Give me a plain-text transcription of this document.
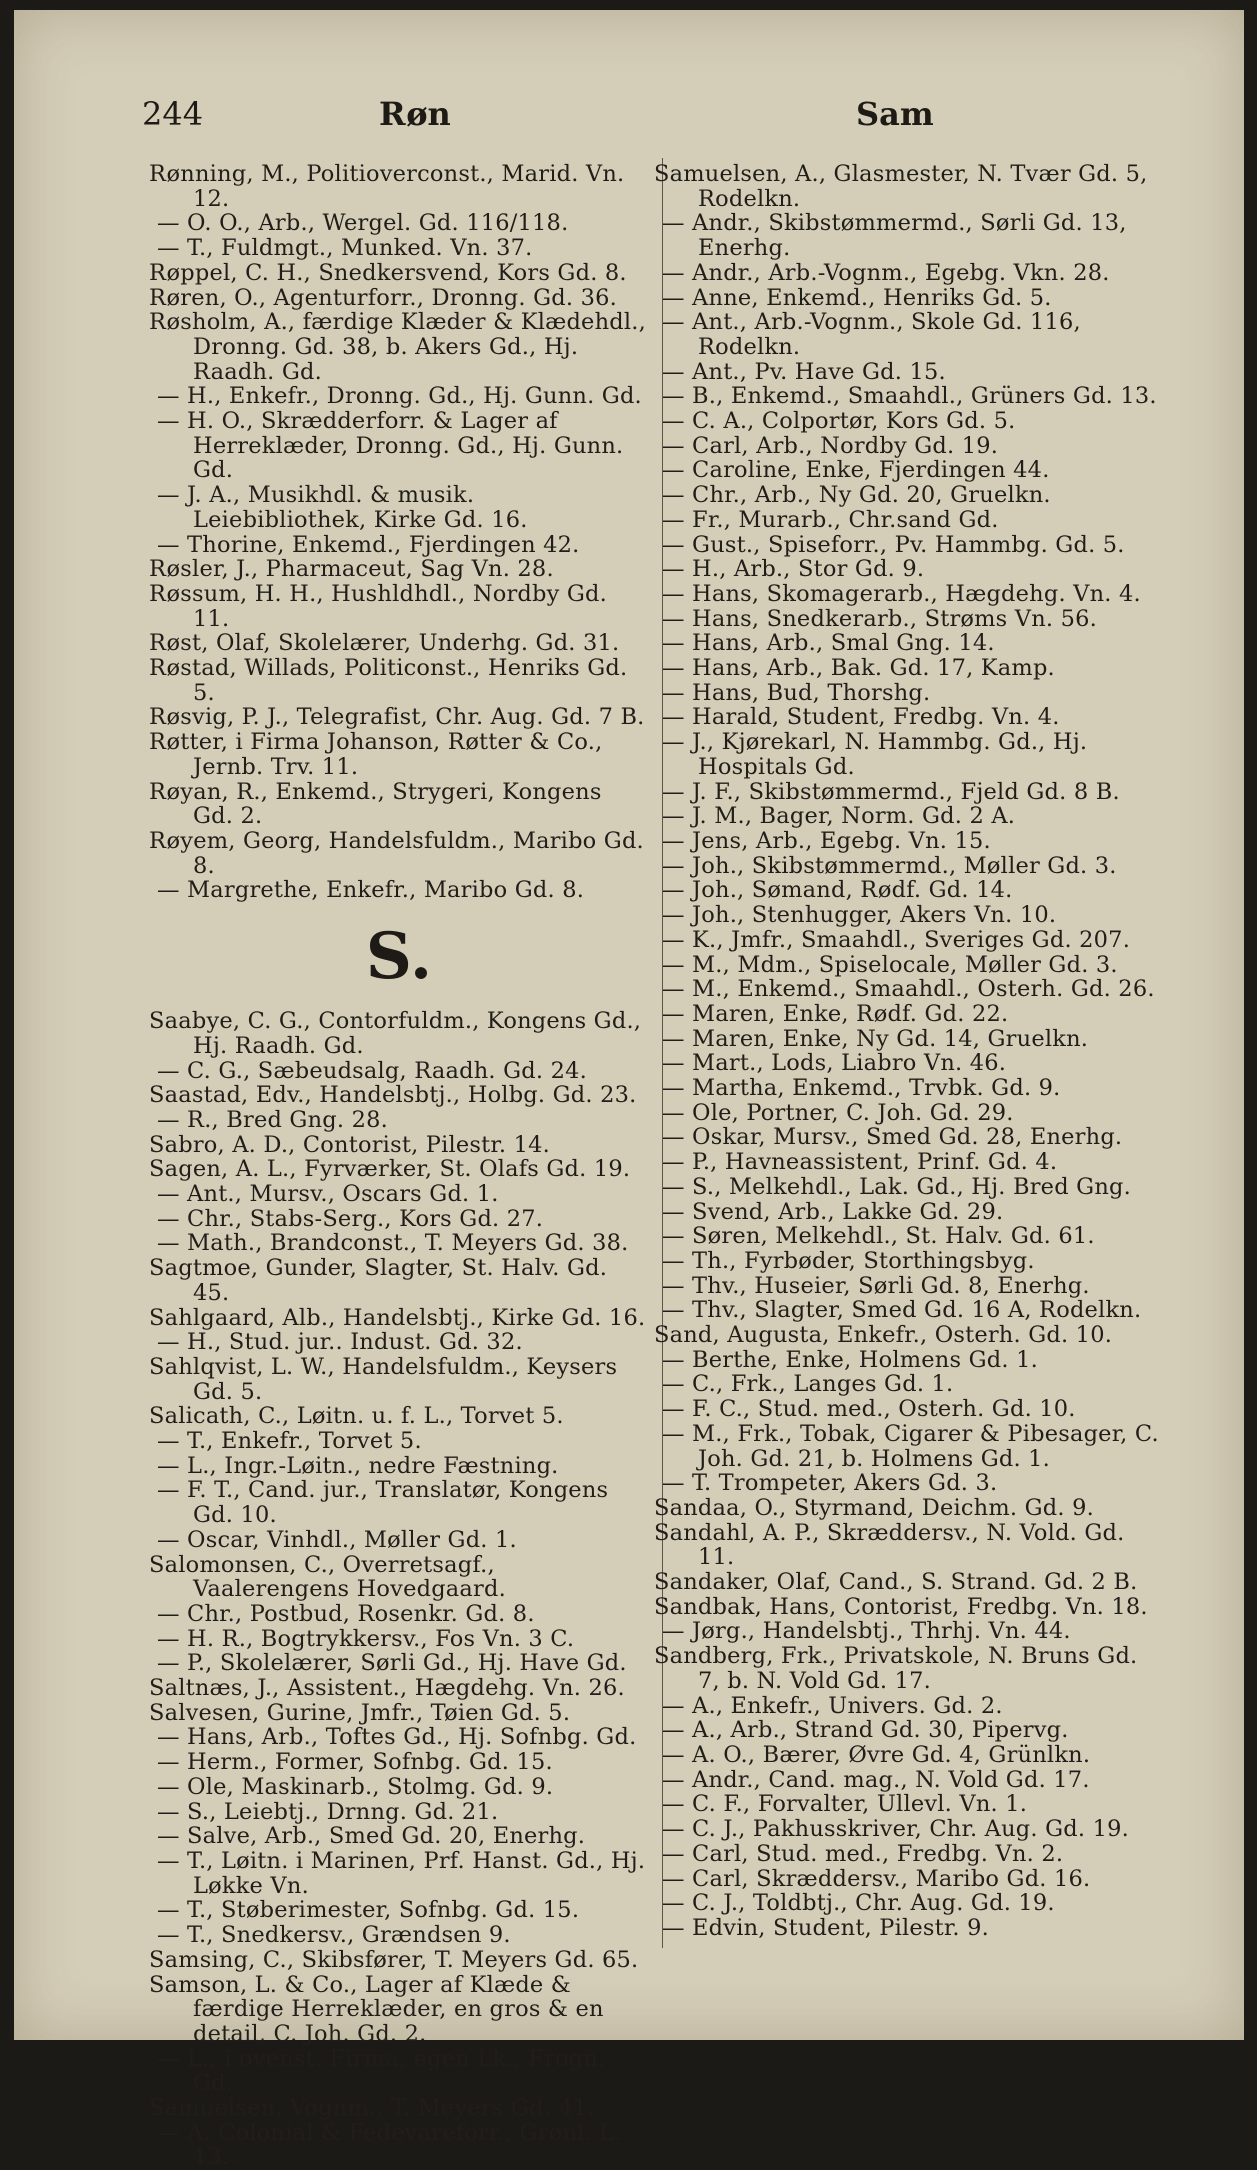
244	Røn	Sam

Rønning, M., Politioverconst., Marid. Vn. 12.

— O. O., Arb., Wergel. Gd. 116/118.

— T., Fuldmgt., Munked. Vn. 37.

Røppel, C. H., Snedkersvend, Kors Gd. 8.

Røren, O., Agenturforr., Dronng. Gd. 36.

Røsholm, A., færdige Klæder & Klædehdl., Dronng. Gd. 38, b. Akers Gd., Hj. Raadh. Gd.

— H., Enkefr., Dronng. Gd., Hj. Gunn. Gd.

— H. O., Skrædderforr. & Lager af Herreklæder, Dronng. Gd., Hj. Gunn. Gd.

— J. A., Musikhdl. & musik. Leiebibliothek, Kirke Gd. 16.

— Thorine, Enkemd., Fjerdingen 42.

Røsler, J., Pharmaceut, Sag Vn. 28.

Røssum, H. H., Hushldhdl., Nordby Gd. 11.

Røst, Olaf, Skolelærer, Underhg. Gd. 31.

Røstad, Willads, Politiconst., Henriks Gd. 5.

Røsvig, P. J., Telegrafist, Chr. Aug. Gd. 7 B.

Røtter, i Firma Johanson, Røtter & Co., Jernb. Trv. 11.

Røyan, R., Enkemd., Strygeri, Kongens Gd. 2.

Røyem, Georg, Handelsfuldm., Maribo Gd. 8.

— Margrethe, Enkefr., Maribo Gd. 8.

S.

Saabye, C. G., Contorfuldm., Kongens Gd., Hj. Raadh. Gd.

— C. G., Sæbeudsalg, Raadh. Gd. 24.

Saastad, Edv., Handelsbtj., Holbg. Gd. 23.

— R., Bred Gng. 28.

Sabro, A. D., Contorist, Pilestr. 14.

Sagen, A. L., Fyrværker, St. Olafs Gd. 19.

— Ant., Mursv., Oscars Gd. 1.

— Chr., Stabs-Serg., Kors Gd. 27.

— Math., Brandconst., T. Meyers Gd. 38.

Sagtmoe, Gunder, Slagter, St. Halv. Gd. 45.

Sahlgaard, Alb., Handelsbtj., Kirke Gd. 16.

— H., Stud. jur.. Indust. Gd. 32.

Sahlqvist, L. W., Handelsfuldm., Keysers Gd. 5.

Salicath, C., Løitn. u. f. L., Torvet 5.

— T., Enkefr., Torvet 5.

— L., Ingr.-Løitn., nedre Fæstning.

— F. T., Cand. jur., Translatør, Kongens Gd. 10.

— Oscar, Vinhdl., Møller Gd. 1.

Salomonsen, C., Overretsagf., Vaalerengens Hovedgaard.

— Chr., Postbud, Rosenkr. Gd. 8.

— H. R., Bogtrykkersv., Fos Vn. 3 C.

— P., Skolelærer, Sørli Gd., Hj. Have Gd.

Saltnæs, J., Assistent., Hægdehg. Vn. 26.

Salvesen, Gurine, Jmfr., Tøien Gd. 5.

— Hans, Arb., Toftes Gd., Hj. Sofnbg. Gd.

— Herm., Former, Sofnbg. Gd. 15.

— Ole, Maskinarb., Stolmg. Gd. 9.

— S., Leiebtj., Drnng. Gd. 21.

— Salve, Arb., Smed Gd. 20, Enerhg.

— T., Løitn. i Marinen, Prf. Hanst. Gd., Hj. Løkke Vn.

— T., Støberimester, Sofnbg. Gd. 15.

— T., Snedkersv., Grændsen 9.

Samsing, C., Skibsfører, T. Meyers Gd. 65.

Samson, L. & Co., Lager af Klæde & færdige Herreklæder, en gros & en detail, C. Joh. Gd. 2.

— L., i ovenst. Firma, egen Lk., Frogn. Gd.

Samuelsen, Vognm., T. Meyers Gd. 41.

— A. Colonial & Fedevareforr., Grønl. L. 13.

Samuelsen, A., Glasmester, N. Tvær Gd. 5, Rodelkn.

— Andr., Skibstømmermd., Sørli Gd. 13, Enerhg.

— Andr., Arb.-Vognm., Egebg. Vkn. 28.

— Anne, Enkemd., Henriks Gd. 5.

— Ant., Arb.-Vognm., Skole Gd. 116, Rodelkn.

— Ant., Pv. Have Gd. 15.

— B., Enkemd., Smaahdl., Grüners Gd. 13.

— C. A., Colportør, Kors Gd. 5.

— Carl, Arb., Nordby Gd. 19.

— Caroline, Enke, Fjerdingen 44.

— Chr., Arb., Ny Gd. 20, Gruelkn.

— Fr., Murarb., Chr.sand Gd.

— Gust., Spiseforr., Pv. Hammbg. Gd. 5.

— H., Arb., Stor Gd. 9.

— Hans, Skomagerarb., Hægdehg. Vn. 4.

— Hans, Snedkerarb., Strøms Vn. 56.

— Hans, Arb., Smal Gng. 14.

— Hans, Arb., Bak. Gd. 17, Kamp.

— Hans, Bud, Thorshg.

— Harald, Student, Fredbg. Vn. 4.

— J., Kjørekarl, N. Hammbg. Gd., Hj. Hospitals Gd.

— J. F., Skibstømmermd., Fjeld Gd. 8 B.

— J. M., Bager, Norm. Gd. 2 A.

— Jens, Arb., Egebg. Vn. 15.

— Joh., Skibstømmermd., Møller Gd. 3.

— Joh., Sømand, Rødf. Gd. 14.

— Joh., Stenhugger, Akers Vn. 10.

— K., Jmfr., Smaahdl., Sveriges Gd. 207.

— M., Mdm., Spiselocale, Møller Gd. 3.

— M., Enkemd., Smaahdl., Osterh. Gd. 26.

— Maren, Enke, Rødf. Gd. 22.

— Maren, Enke, Ny Gd. 14, Gruelkn.

— Mart., Lods, Liabro Vn. 46.

— Martha, Enkemd., Trvbk. Gd. 9.

— Ole, Portner, C. Joh. Gd. 29.

— Oskar, Mursv., Smed Gd. 28, Enerhg.

— P., Havneassistent, Prinf. Gd. 4.

— S., Melkehdl., Lak. Gd., Hj. Bred Gng.

— Svend, Arb., Lakke Gd. 29.

— Søren, Melkehdl., St. Halv. Gd. 61.

— Th., Fyrbøder, Storthingsbyg.

— Thv., Huseier, Sørli Gd. 8, Enerhg.

— Thv., Slagter, Smed Gd. 16 A, Rodelkn.

Sand, Augusta, Enkefr., Osterh. Gd. 10.

— Berthe, Enke, Holmens Gd. 1.

— C., Frk., Langes Gd. 1.

— F. C., Stud. med., Osterh. Gd. 10.

— M., Frk., Tobak, Cigarer & Pibesager, C. Joh. Gd. 21, b. Holmens Gd. 1.

— T. Trompeter, Akers Gd. 3.

Sandaa, O., Styrmand, Deichm. Gd. 9.

Sandahl, A. P., Skræddersv., N. Vold. Gd. 11.

Sandaker, Olaf, Cand., S. Strand. Gd. 2 B.

Sandbak, Hans, Contorist, Fredbg. Vn. 18.

— Jørg., Handelsbtj., Thrhj. Vn. 44.

Sandberg, Frk., Privatskole, N. Bruns Gd. 7, b. N. Vold Gd. 17.

— A., Enkefr., Univers. Gd. 2.

— A., Arb., Strand Gd. 30, Pipervg.

— A. O., Bærer, Øvre Gd. 4, Grünlkn.

— Andr., Cand. mag., N. Vold Gd. 17.

— C. F., Forvalter, Ullevl. Vn. 1.

— C. J., Pakhusskriver, Chr. Aug. Gd. 19.

— Carl, Stud. med., Fredbg. Vn. 2.

— Carl, Skræddersv., Maribo Gd. 16.

— C. J., Toldbtj., Chr. Aug. Gd. 19.

— Edvin, Student, Pilestr. 9.
